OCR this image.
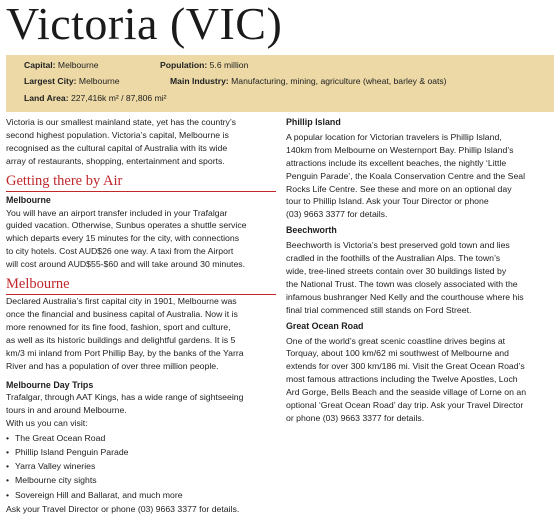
Victoria (VIC)
Capital: Melbourne
Largest City: Melbourne
Land Area: 227,416k m² / 87,806 mi²
Population: 5.6 million
Main Industry: Manufacturing, mining, agriculture (wheat, barley & oats)

Victoria is our smallest mainland state, yet has the country’s

second highest population. Victoria’s capital, Melbourne is

recognised as the cultural capital of Australia with its wide

array of restaurants, shopping, entertainment and sports.

Getting there by Air
Melbourne

You will have an airport transfer included in your Trafalgar

guided vacation. Otherwise, Sunbus operates a shuttle service

which departs every 15 minutes for the city, with connections

to city hotels. Cost AUD$26 one way. A taxi from the Airport

will cost around AUD$55-$60 and will take around 30 minutes.

Melbourne

Declared Australia’s first capital city in 1901, Melbourne was

once the financial and business capital of Australia. Now it is

more renowned for its fine food, fashion, sport and culture,

as well as its historic buildings and delightful gardens. It is 5

km/3 mi inland from Port Phillip Bay, by the banks of the Yarra

River and has a population of over three million people.

Melbourne Day Trips

Trafalgar, through AAT Kings, has a wide range of sightseeing

tours in and around Melbourne.

With us you can visit:

• The Great Ocean Road
• Phillip Island Penguin Parade
• Yarra Valley wineries
• Melbourne city sights
• Sovereign Hill and Ballarat, and much more

Ask your Travel Director or phone (03) 9663 3377 for details.

Phillip Island

A popular location for Victorian travelers is Phillip Island,

140km from Melbourne on Westernport Bay. Phillip Island’s

attractions include its excellent beaches, the nightly ‘Little

Penguin Parade’, the Koala Conservation Centre and the Seal

Rocks Life Centre. See these and more on an optional day

tour to Phillip Island. Ask your Tour Director or phone

(03) 9663 3377 for details.

Beechworth

Beechworth is Victoria’s best preserved gold town and lies

cradled in the foothills of the Australian Alps. The town’s

wide, tree-lined streets contain over 30 buildings listed by

the National Trust. The town was closely associated with the

infamous bushranger Ned Kelly and the courthouse where his

final trial commenced still stands on Ford Street.

Great Ocean Road

One of the world’s great scenic coastline drives begins at

Torquay, about 100 km/62 mi southwest of Melbourne and

extends for over 300 km/186 mi. Visit the Great Ocean Road’s

most famous attractions including the Twelve Apostles, Loch

Ard Gorge, Bells Beach and the seaside village of Lorne on an

optional ‘Great Ocean Road’ day trip. Ask your Travel Director

or phone (03) 9663 3377 for details.
